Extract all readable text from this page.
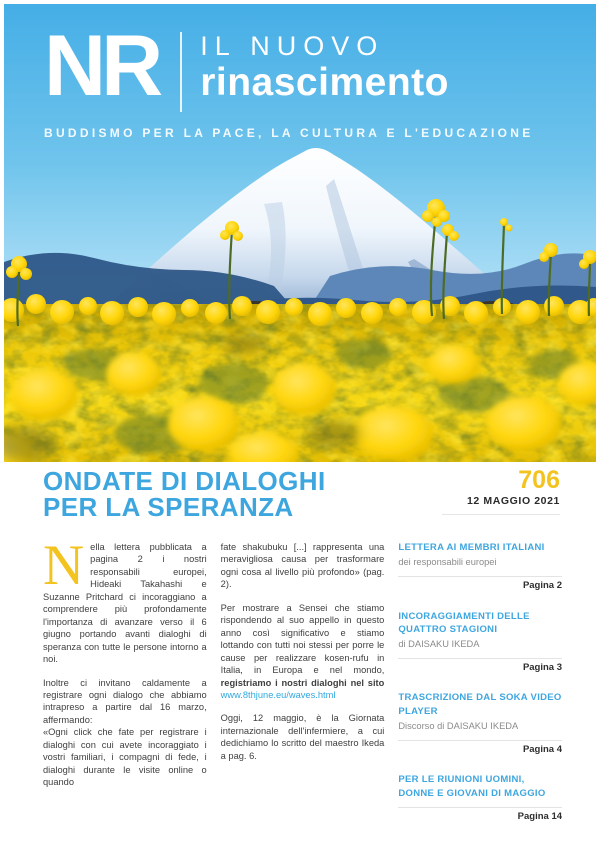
NR IL NUOVO
rinascimento
BUDDISMO PER LA PACE, LA CULTURA E L'EDUCAZIONE
ONDATE DI DIALOGHI
PER LA SPERANZA
706
12 MAGGIO 2021

Nella lettera pubblicata a pagina 2 i nostri responsabili europei, Hideaki Takahashi e Suzanne Pritchard ci incoraggiano a comprendere più profondamente l'importanza di avanzare verso il 6 giugno portando avanti dialoghi di speranza con tutte le persone intorno a noi.

Inoltre ci invitano caldamente a registrare ogni dialogo che abbiamo intrapreso a partire dal 16 marzo, affermando:

«Ogni click che fate per registrare i dialoghi con cui avete incoraggiato i vostri familiari, i compagni di fede, i dialoghi durante le visite online o quando

fate shakubuku [...] rappresenta una meravigliosa causa per trasformare ogni cosa al livello più profondo» (pag. 2).

Per mostrare a Sensei che stiamo rispondendo al suo appello in questo anno così significativo e stiamo lottando con tutti noi stessi per porre le cause per realizzare kosen-rufu in Italia, in Europa e nel mondo, registriamo i nostri dialoghi nel sito www.8thjune.eu/waves.html

Oggi, 12 maggio, è la Giornata internazionale dell'infermiere, a cui dedichiamo lo scritto del maestro Ikeda a pag. 6.

LETTERA AI MEMBRI ITALIANI
dei responsabili europei
Pagina 2
INCORAGGIAMENTI DELLE QUATTRO STAGIONI
di DAISAKU IKEDA
Pagina 3
TRASCRIZIONE DAL SOKA VIDEO PLAYER
Discorso di DAISAKU IKEDA
Pagina 4
PER LE RIUNIONI UOMINI, DONNE E GIOVANI DI MAGGIO
Pagina 14
